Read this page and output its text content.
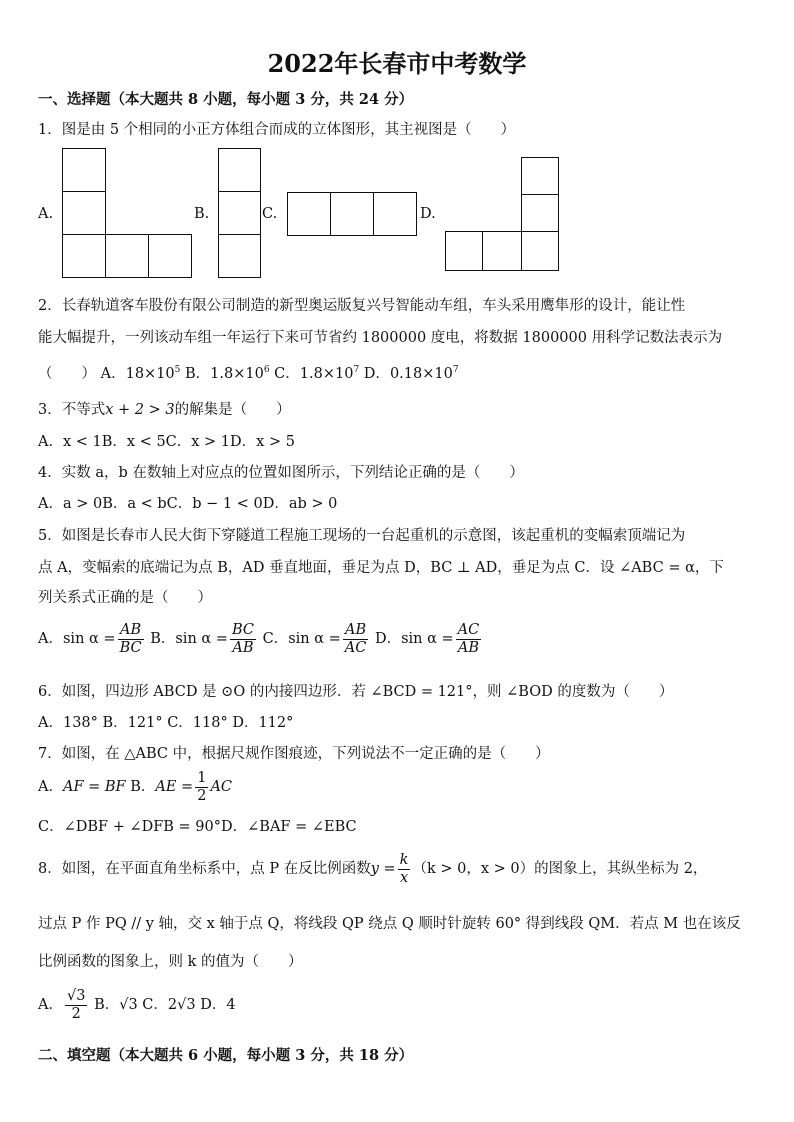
2022年长春市中考数学
一、选择题（本大题共 8 小题，每小题 3 分，共 24 分）
1．图是由 5 个相同的小正方体组合而成的立体图形，其主视图是（　　）
A.	B.	C.	D.
2．长春轨道客车股份有限公司制造的新型奥运版复兴号智能动车组，车头采用鹰隼形的设计，能让性
能大幅提升，一列该动车组一年运行下来可节省约 1800000 度电，将数据 1800000 用科学记数法表示为
（　　） A．$18\times 10^5$ B．$1.8\times 10^6$ C．$1.8\times 10^7$ D．$0.18\times 10^7$
3．不等式x + 2 > 3的解集是（　　）
A．x < 1B．x < 5C．x > 1D．x > 5
4．实数 a，b 在数轴上对应点的位置如图所示，下列结论正确的是（　　）
A．a > 0B．a < bC．b − 1 < 0D．ab > 0
5．如图是长春市人民大街下穿隧道工程施工现场的一台起重机的示意图，该起重机的变幅索顶端记为
点 A，变幅索的底端记为点 B，AD 垂直地面，垂足为点 D，BC ⊥ AD，垂足为点 C．设 ∠ABC = α，下
列关系式正确的是（　　）
A．$\sin \alpha = \frac{AB}{BC}$ B．$\sin \alpha = \frac{BC}{AB}$ C．$\sin \alpha = \frac{AB}{AC}$ D．$\sin \alpha = \frac{AC}{AB}$
6．如图，四边形 ABCD 是 ⊙O 的内接四边形．若 ∠BCD = 121°，则 ∠BOD 的度数为（　　）
A．138° B．121° C．118° D．112°
7．如图，在 △ABC 中，根据尺规作图痕迹，下列说法不一定正确的是（　　）
A．AF = BF B．AE = $\frac{1}{2}$ AC
C．∠DBF + ∠DFB = 90°D．∠BAF = ∠EBC
8．如图，在平面直角坐标系中，点 P 在反比例函数$y = \frac{k}{x} (k > 0$，x > 0）的图象上，其纵坐标为 2，
过点 P 作 PQ // y 轴，交 x 轴于点 Q，将线段 QP 绕点 Q 顺时针旋转 60° 得到线段 QM．若点 M 也在该反
比例函数的图象上，则 k 的值为（　　）
A． $\frac{√3}{2}$ B．√3 C．2√3 D．4
二、填空题（本大题共 6 小题，每小题 3 分，共 18 分）
